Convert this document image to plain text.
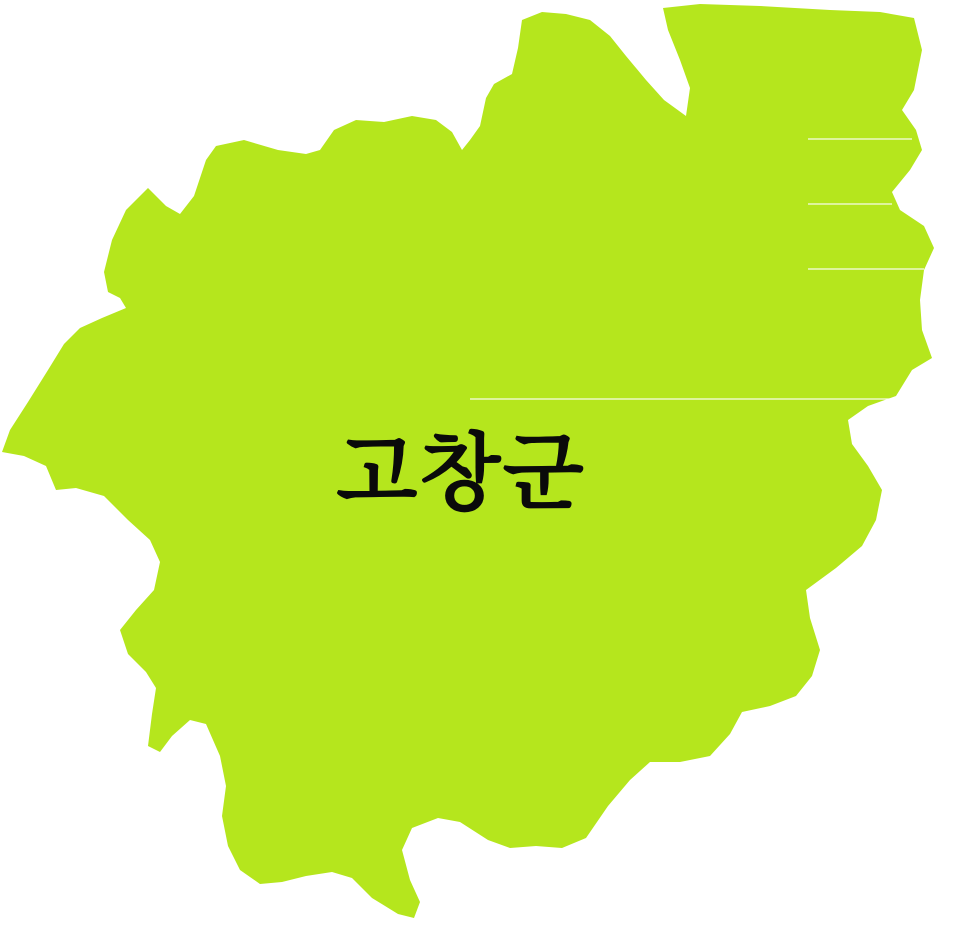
고창군
